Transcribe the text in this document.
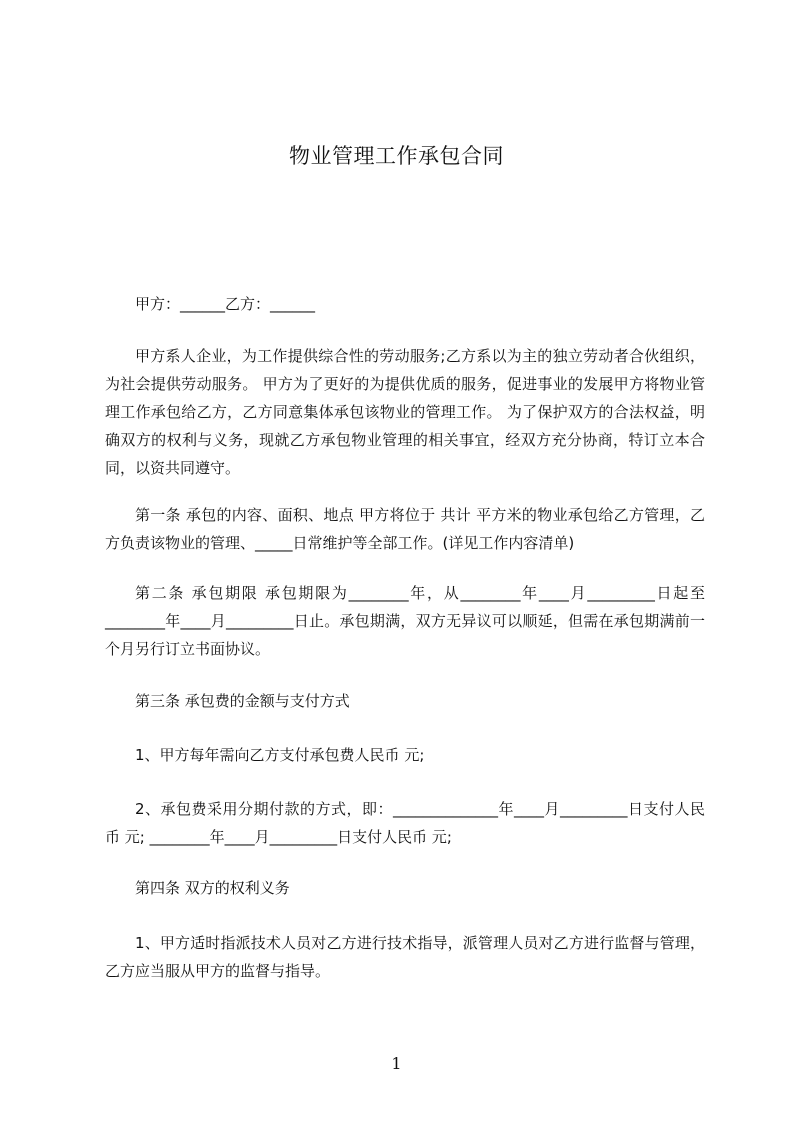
物业管理工作承包合同

甲方：______乙方：______

甲方系人企业，为工作提供综合性的劳动服务;乙方系以为主的独立劳动者合伙组织，为社会提供劳动服务。 甲方为了更好的为提供优质的服务，促进事业的发展甲方将物业管理工作承包给乙方，乙方同意集体承包该物业的管理工作。 为了保护双方的合法权益，明确双方的权利与义务，现就乙方承包物业管理的相关事宜，经双方充分协商，特订立本合同，以资共同遵守。

第一条 承包的内容、面积、地点 甲方将位于 共计 平方米的物业承包给乙方管理，乙方负责该物业的管理、_____日常维护等全部工作。(详见工作内容清单)

第二条 承包期限 承包期限为________年，从________年____月_________日起至________年____月_________日止。承包期满，双方无异议可以顺延，但需在承包期满前一个月另行订立书面协议。

第三条 承包费的金额与支付方式

1、甲方每年需向乙方支付承包费人民币 元;

2、承包费采用分期付款的方式，即：______________年____月_________日支付人民币 元; ________年____月_________日支付人民币 元;

第四条 双方的权利义务

1、甲方适时指派技术人员对乙方进行技术指导，派管理人员对乙方进行监督与管理，乙方应当服从甲方的监督与指导。

1
